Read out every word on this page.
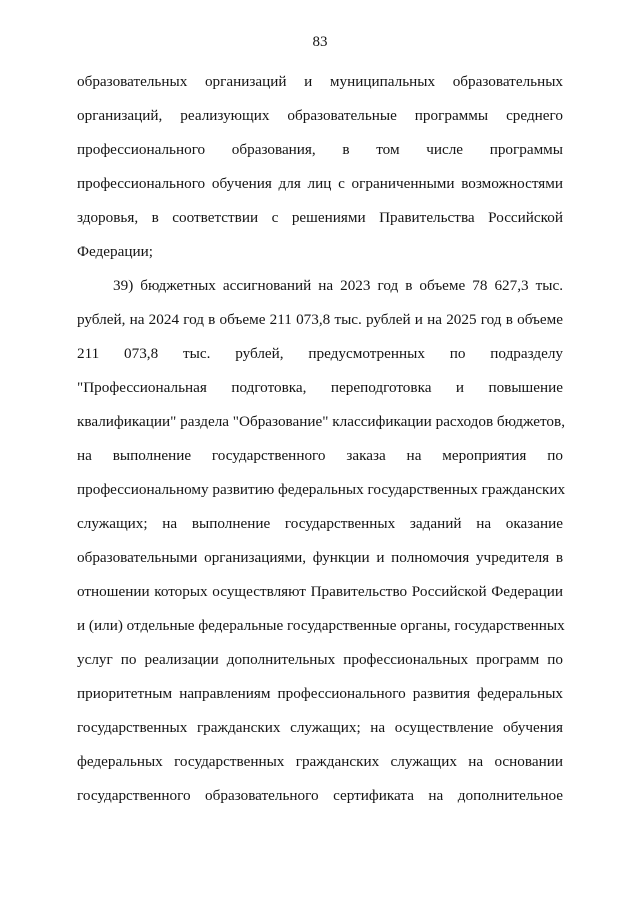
83
образовательных организаций и муниципальных образовательных
организаций, реализующих образовательные программы среднего
профессионального образования, в том числе программы
профессионального обучения для лиц с ограниченными возможностями
здоровья, в соответствии с решениями Правительства Российской
Федерации;
39) бюджетных ассигнований на 2023 год в объеме 78 627,3 тыс.
рублей, на 2024 год в объеме 211 073,8 тыс. рублей и на 2025 год в объеме
211 073,8 тыс. рублей, предусмотренных по подразделу
"Профессиональная подготовка, переподготовка и повышение
квалификации" раздела "Образование" классификации расходов бюджетов,
на выполнение государственного заказа на мероприятия по
профессиональному развитию федеральных государственных гражданских
служащих; на выполнение государственных заданий на оказание
образовательными организациями, функции и полномочия учредителя в
отношении которых осуществляют Правительство Российской Федерации
и (или) отдельные федеральные государственные органы, государственных
услуг по реализации дополнительных профессиональных программ по
приоритетным направлениям профессионального развития федеральных
государственных гражданских служащих; на осуществление обучения
федеральных государственных гражданских служащих на основании
государственного образовательного сертификата на дополнительное
